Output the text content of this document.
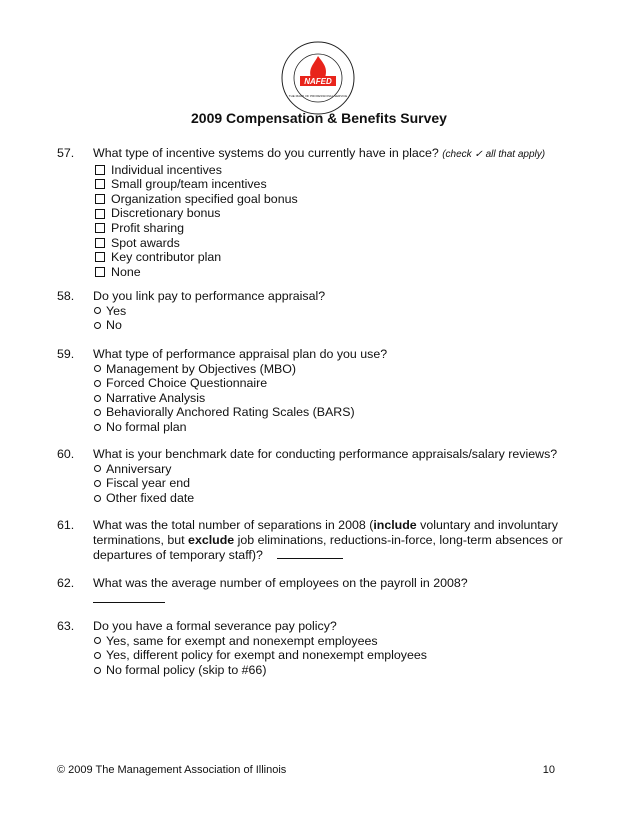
NAFED
THE MARK OF PROFESSIONAL SERVICE
2009 Compensation & Benefits Survey
57. What type of incentive systems do you currently have in place? (check ✓ all that apply)
Individual incentives
Small group/team incentives
Organization specified goal bonus
Discretionary bonus
Profit sharing
Spot awards
Key contributor plan
None
58. Do you link pay to performance appraisal?
Yes
No
59. What type of performance appraisal plan do you use?
Management by Objectives (MBO)
Forced Choice Questionnaire
Narrative Analysis
Behaviorally Anchored Rating Scales (BARS)
No formal plan
60. What is your benchmark date for conducting performance appraisals/salary reviews?
Anniversary
Fiscal year end
Other fixed date
61. What was the total number of separations in 2008 (include voluntary and involuntary terminations, but exclude job eliminations, reductions-in-force, long-term absences or departures of temporary staff)?
62. What was the average number of employees on the payroll in 2008?
63. Do you have a formal severance pay policy?
Yes, same for exempt and nonexempt employees
Yes, different policy for exempt and nonexempt employees
No formal policy (skip to #66)
© 2009 The Management Association of Illinois	10
